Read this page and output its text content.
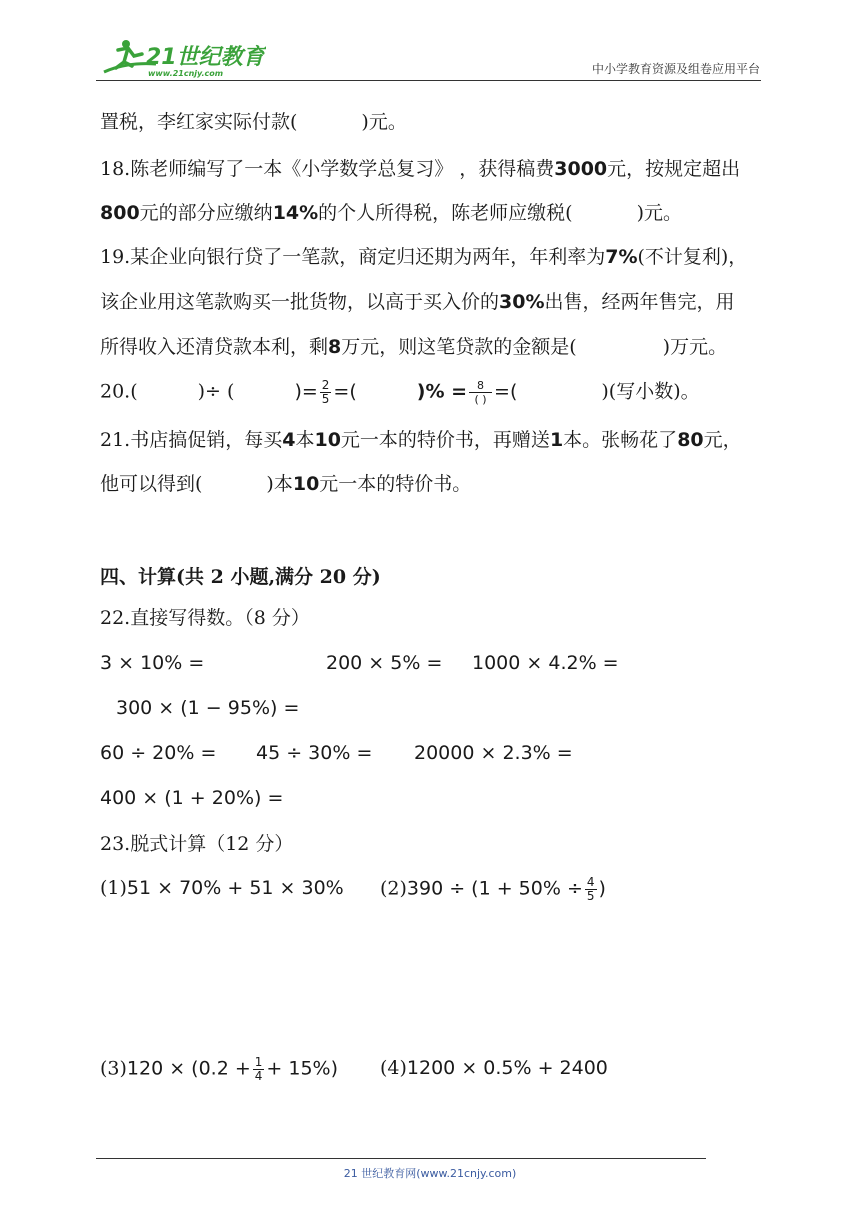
21世纪教育
www.21cnjy.com	中小学教育资源及组卷应用平台
置税，李红家实际付款(	)元。
18.陈老师编写了一本《小学数学总复习》 ，获得稿费3000元，按规定超出
800元的部分应缴纳14%的个人所得税，陈老师应缴税(	)元。
19.某企业向银行贷了一笔款，商定归还期为两年，年利率为7%(不计复利)，
该企业用这笔款购买一批货物，以高于买入价的30%出售，经两年售完，用
所得收入还清贷款本利，剩8万元，则这笔贷款的金额是(	)万元。
20.(	)÷ (	)= $\frac{2}{5}$ =(	)% = $\frac{8}{( )}$ =(	)(写小数)。
21.书店搞促销，每买4本10元一本的特价书，再赠送1本。张畅花了80元，
他可以得到(	)本10元一本的特价书。
四、计算(共 2 小题,满分 20 分)
22.直接写得数。（8 分）
3 × 10% =	200 × 5% = 1000 × 4.2% =
300 × (1 − 95%) =
60 ÷ 20% = 45 ÷ 30% = 20000 × 2.3% =
400 × (1 + 20%) =
23.脱式计算（12 分）
(1)51 × 70% + 51 × 30% $(2)390 \div (1 + 50\% \div \frac{4}{5}$ )
$(3)120 \times (0.2 + \frac{1}{4} + 15\%)$ (4)1200 × 0.5% + 2400
21 世纪教育网(www.21cnjy.com)
